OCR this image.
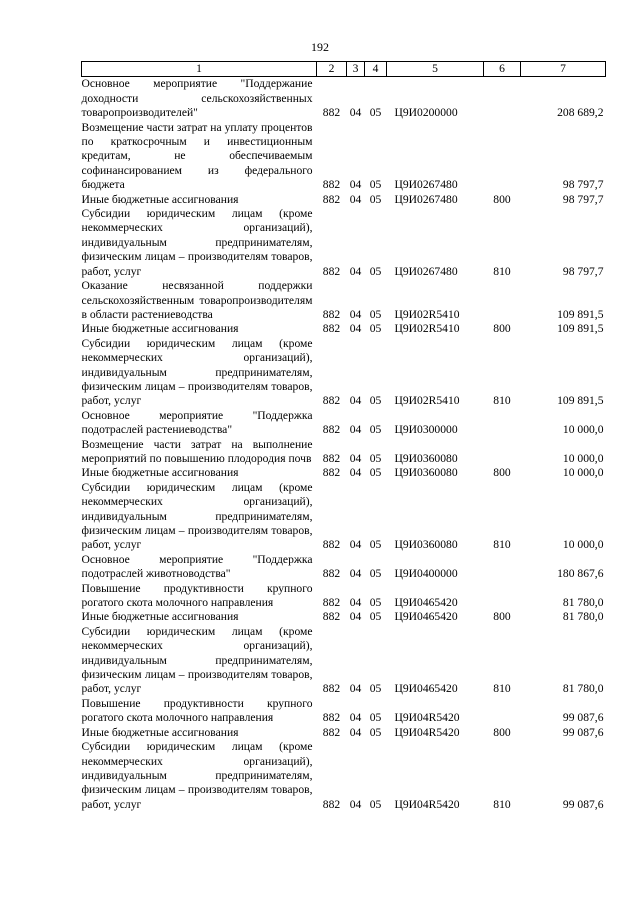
192
1	2	3	4	5	6	7
Основное мероприятие "Поддержание доходности сельскохозяйственных товаропроизводителей"	882	04	05	Ц9И0200000		208 689,2
Возмещение части затрат на уплату процентов по краткосрочным и инвестиционным кредитам, не обеспечиваемым софинансированием из федерального бюджета	882	04	05	Ц9И0267480		98 797,7
Иные бюджетные ассигнования	882	04	05	Ц9И0267480	800	98 797,7
Субсидии юридическим лицам (кроме некоммерческих организаций), индивидуальным предпринимателям, физическим лицам – производителям товаров, работ, услуг	882	04	05	Ц9И0267480	810	98 797,7
Оказание несвязанной поддержки сельскохозяйственным товаропроизводителям в области растениеводства	882	04	05	Ц9И02R5410		109 891,5
Иные бюджетные ассигнования	882	04	05	Ц9И02R5410	800	109 891,5
Субсидии юридическим лицам (кроме некоммерческих организаций), индивидуальным предпринимателям, физическим лицам – производителям товаров, работ, услуг	882	04	05	Ц9И02R5410	810	109 891,5
Основное мероприятие "Поддержка подотраслей растениеводства"	882	04	05	Ц9И0300000		10 000,0
Возмещение части затрат на выполнение мероприятий по повышению плодородия почв	882	04	05	Ц9И0360080		10 000,0
Иные бюджетные ассигнования	882	04	05	Ц9И0360080	800	10 000,0
Субсидии юридическим лицам (кроме некоммерческих организаций), индивидуальным предпринимателям, физическим лицам – производителям товаров, работ, услуг	882	04	05	Ц9И0360080	810	10 000,0
Основное мероприятие "Поддержка подотраслей животноводства"	882	04	05	Ц9И0400000		180 867,6
Повышение продуктивности крупного рогатого скота молочного направления	882	04	05	Ц9И0465420		81 780,0
Иные бюджетные ассигнования	882	04	05	Ц9И0465420	800	81 780,0
Субсидии юридическим лицам (кроме некоммерческих организаций), индивидуальным предпринимателям, физическим лицам – производителям товаров, работ, услуг	882	04	05	Ц9И0465420	810	81 780,0
Повышение продуктивности крупного рогатого скота молочного направления	882	04	05	Ц9И04R5420		99 087,6
Иные бюджетные ассигнования	882	04	05	Ц9И04R5420	800	99 087,6
Субсидии юридическим лицам (кроме некоммерческих организаций), индивидуальным предпринимателям, физическим лицам – производителям товаров, работ, услуг	882	04	05	Ц9И04R5420	810	99 087,6
